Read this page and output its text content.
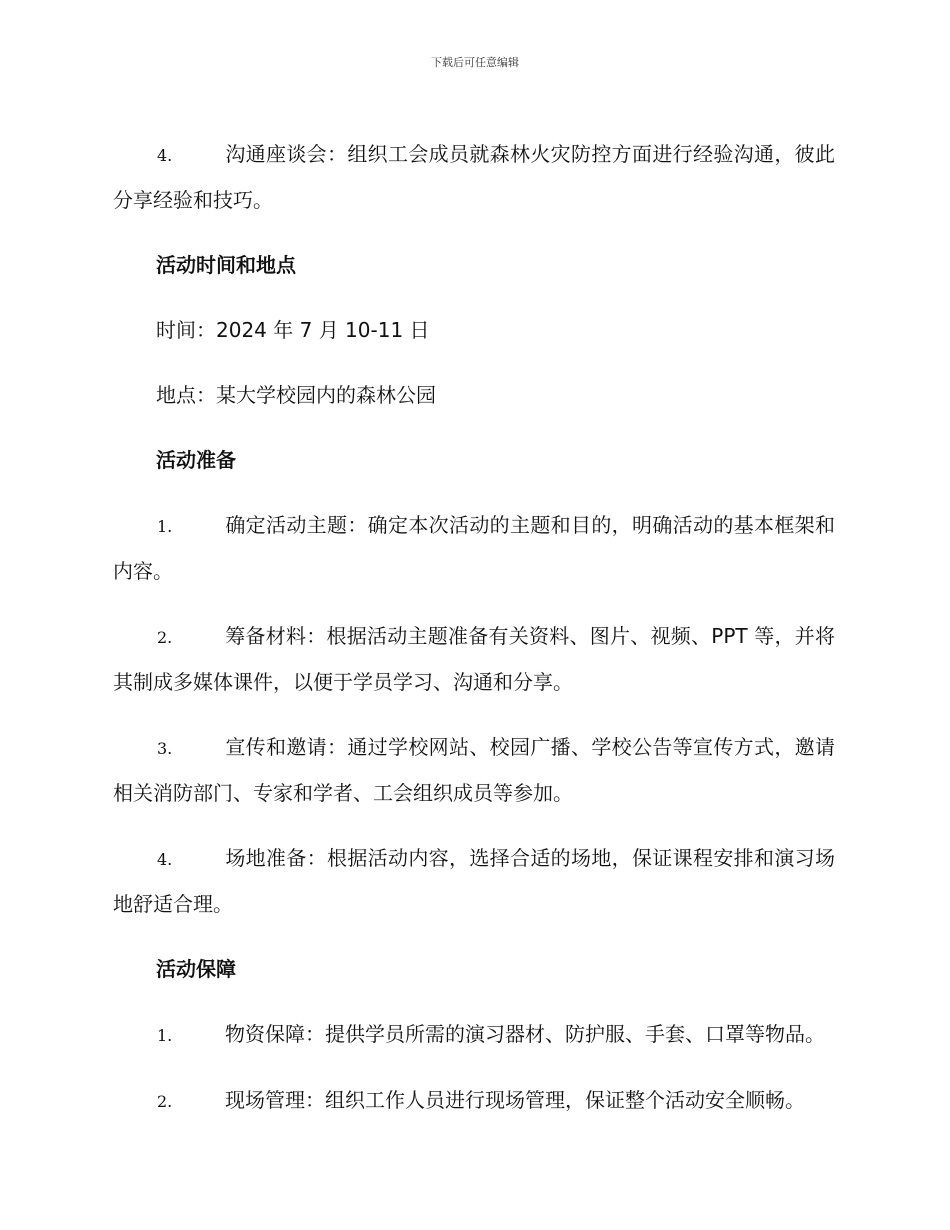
下载后可任意编辑

4.	沟通座谈会：组织工会成员就森林火灾防控方面进行经验沟通，彼此分享经验和技巧。

活动时间和地点

时间：2024 年 7 月 10-11 日

地点：某大学校园内的森林公园

活动准备

1.	确定活动主题：确定本次活动的主题和目的，明确活动的基本框架和内容。

2.	筹备材料：根据活动主题准备有关资料、图片、视频、PPT 等，并将其制成多媒体课件，以便于学员学习、沟通和分享。

3.	宣传和邀请：通过学校网站、校园广播、学校公告等宣传方式，邀请相关消防部门、专家和学者、工会组织成员等参加。

4.	场地准备：根据活动内容，选择合适的场地，保证课程安排和演习场地舒适合理。

活动保障

1.	物资保障：提供学员所需的演习器材、防护服、手套、口罩等物品。

2.	现场管理：组织工作人员进行现场管理，保证整个活动安全顺畅。
